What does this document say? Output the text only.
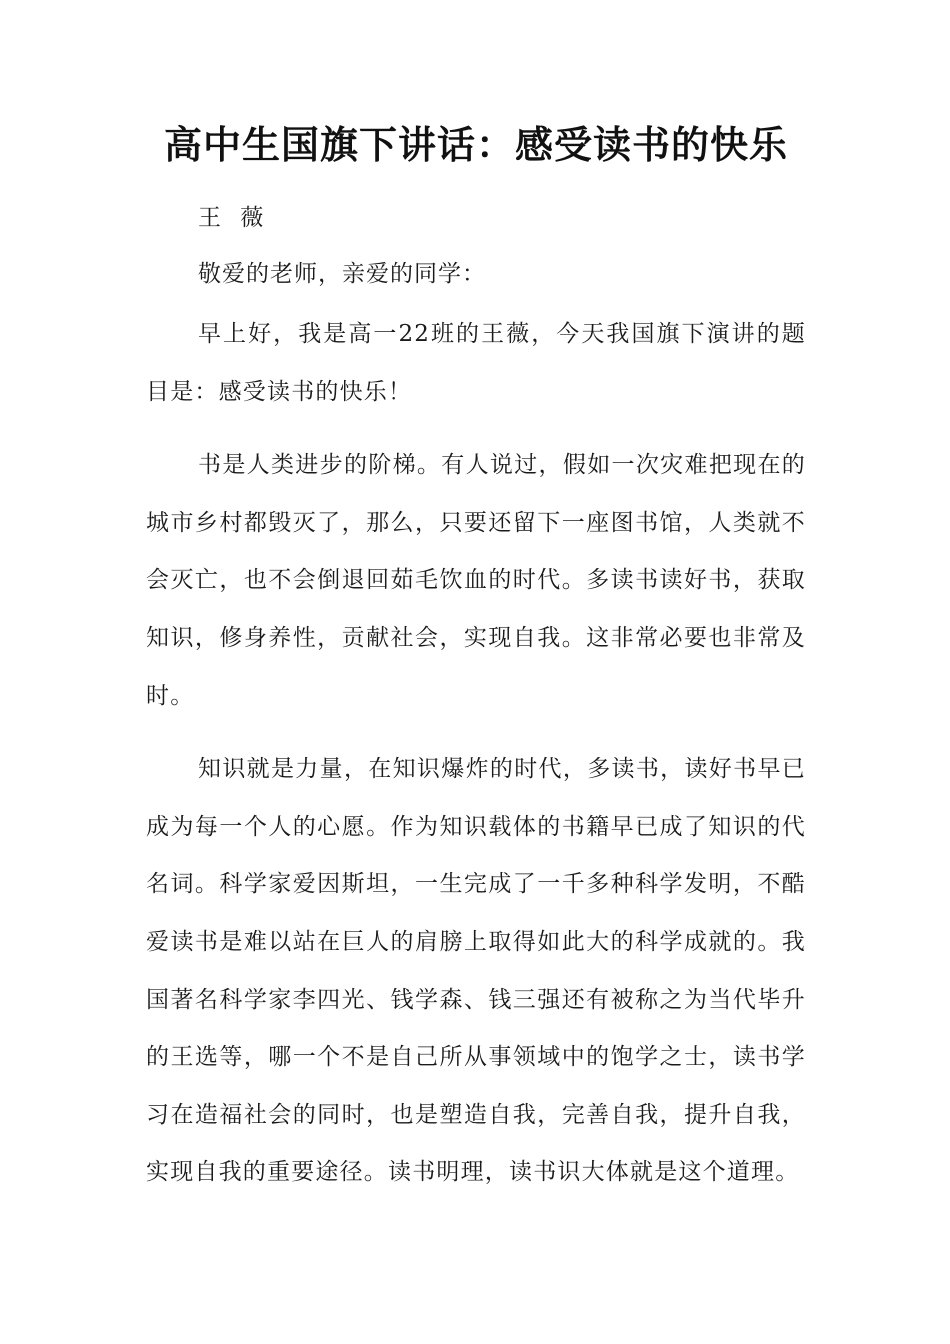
高中生国旗下讲话：感受读书的快乐

王 薇

敬爱的老师，亲爱的同学：

早上好，我是高一22班的王薇，今天我国旗下演讲的题目是：感受读书的快乐！

书是人类进步的阶梯。有人说过，假如一次灾难把现在的城市乡村都毁灭了，那么，只要还留下一座图书馆，人类就不会灭亡，也不会倒退回茹毛饮血的时代。多读书读好书，获取知识，修身养性，贡献社会，实现自我。这非常必要也非常及时。

知识就是力量，在知识爆炸的时代，多读书，读好书早已成为每一个人的心愿。作为知识载体的书籍早已成了知识的代名词。科学家爱因斯坦，一生完成了一千多种科学发明，不酷爱读书是难以站在巨人的肩膀上取得如此大的科学成就的。我国著名科学家李四光、钱学森、钱三强还有被称之为当代毕升的王选等，哪一个不是自己所从事领域中的饱学之士，读书学习在造福社会的同时，也是塑造自我，完善自我，提升自我，实现自我的重要途径。读书明理，读书识大体就是这个道理。
